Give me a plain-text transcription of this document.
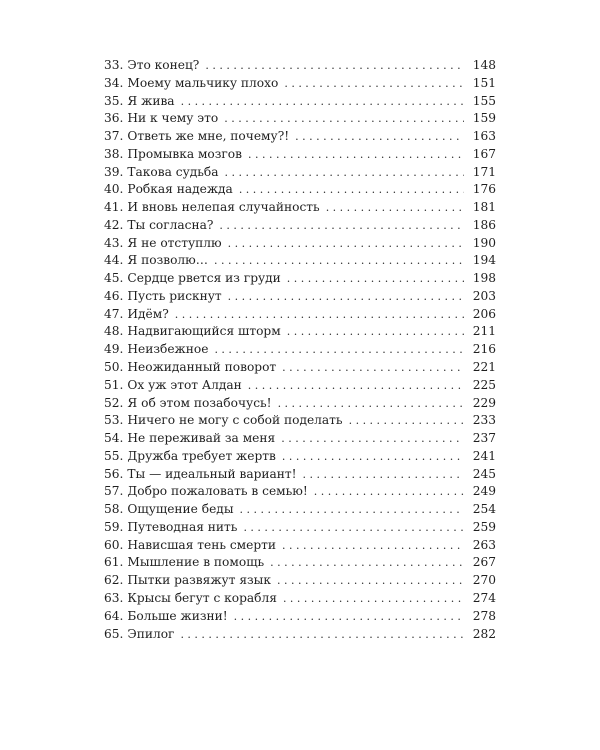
33. Это конец? . . .	148
34. Моему мальчику плохо . . .	151
35. Я жива . . .	155
36. Ни к чему это . . .	159
37. Ответь же мне, почему?! . . .	163
38. Промывка мозгов . . .	167
39. Такова судьба . . .	171
40. Робкая надежда . . .	176
41. И вновь нелепая случайность . . .	181
42. Ты согласна? . . .	186
43. Я не отступлю . . .	190
44. Я позволю… . . .	194
45. Сердце рвется из груди . . .	198
46. Пусть рискнут . . .	203
47. Идём? . . .	206
48. Надвигающийся шторм . . .	211
49. Неизбежное . . .	216
50. Неожиданный поворот . . .	221
51. Ох уж этот Алдан . . .	225
52. Я об этом позабочусь! . . .	229
53. Ничего не могу с собой поделать . . .	233
54. Не переживай за меня . . .	237
55. Дружба требует жертв . . .	241
56. Ты — идеальный вариант! . . .	245
57. Добро пожаловать в семью! . . .	249
58. Ощущение беды . . .	254
59. Путеводная нить . . .	259
60. Нависшая тень смерти . . .	263
61. Мышление в помощь . . .	267
62. Пытки развяжут язык . . .	270
63. Крысы бегут с корабля . . .	274
64. Больше жизни! . . .	278
65. Эпилог . . .	282
